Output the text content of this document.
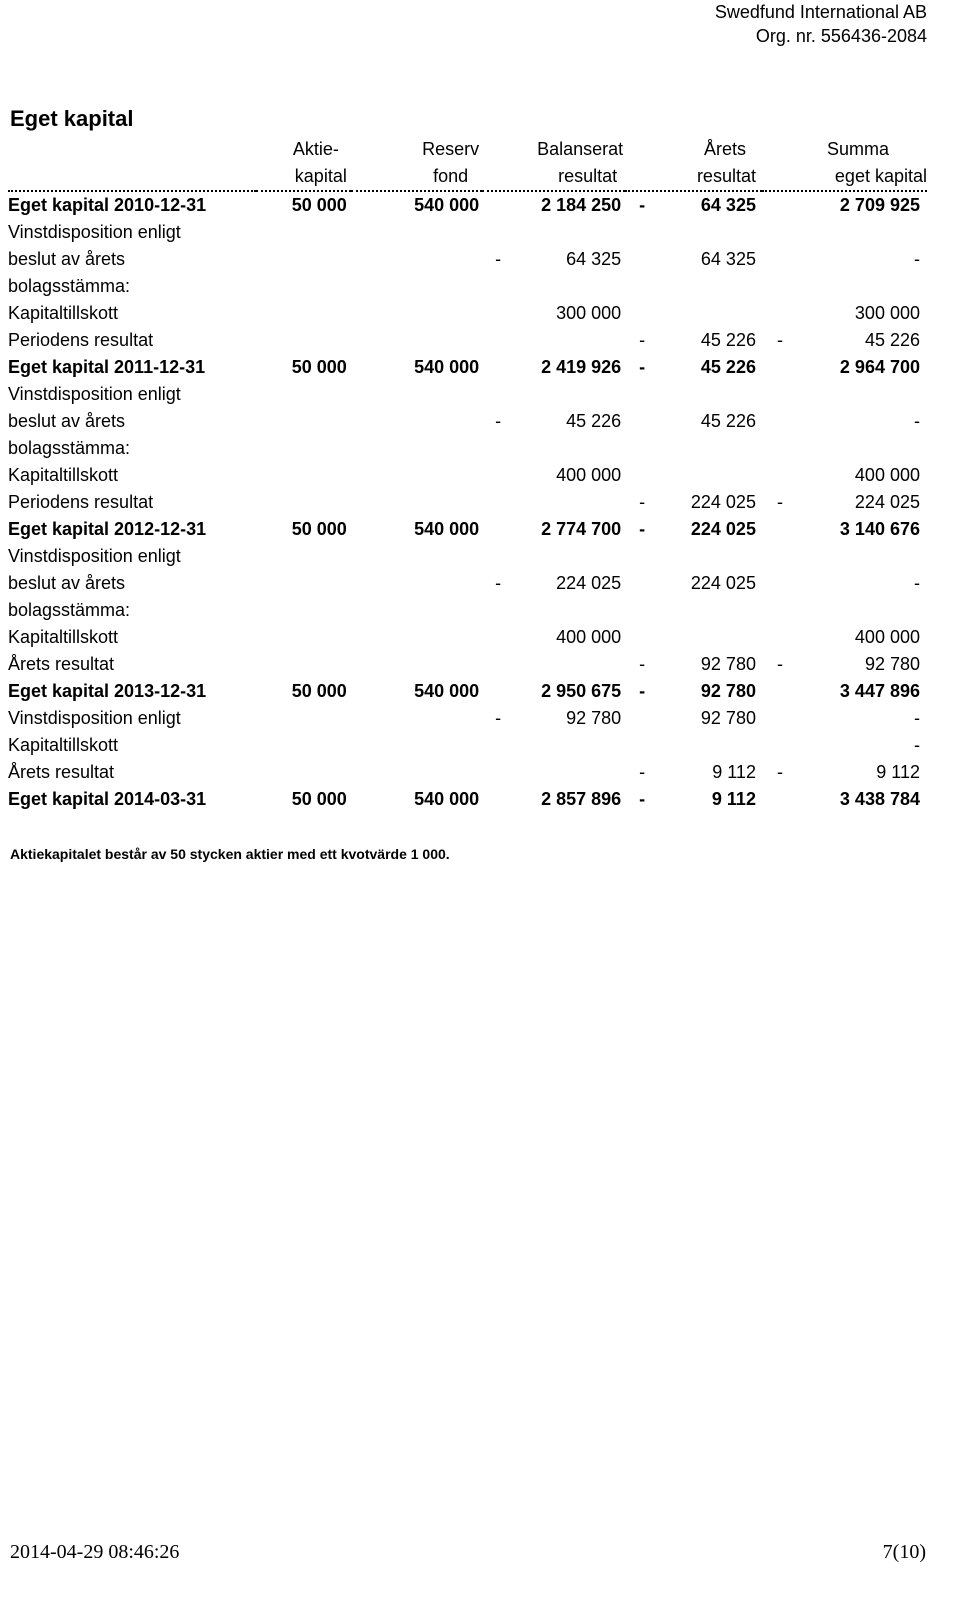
Swedfund International AB
Org. nr. 556436-2084
Eget kapital
	Aktie-	Reserv	Balanserat	Årets	Summa
	kapital	fond	resultat	resultat	eget kapital
Eget kapital 2010-12-31	50 000	540 000	2 184 250	- 64 325	2 709 925

Vinstdisposition enligt	

beslut av årets			- 64 325	64 325	-

bolagsstämma:	

Kapitaltillskott			300 000		300 000

Periodens resultat				- 45 226	- 45 226

Eget kapital 2011-12-31	50 000	540 000	2 419 926	- 45 226	2 964 700

Vinstdisposition enligt	

beslut av årets			- 45 226	45 226	-

bolagsstämma:	

Kapitaltillskott			400 000		400 000

Periodens resultat				- 224 025	- 224 025

Eget kapital 2012-12-31	50 000	540 000	2 774 700	- 224 025	3 140 676

Vinstdisposition enligt	

beslut av årets			- 224 025	224 025	-

bolagsstämma:	

Kapitaltillskott			400 000		400 000

Årets resultat				- 92 780	- 92 780

Eget kapital 2013-12-31	50 000	540 000	2 950 675	- 92 780	3 447 896

Vinstdisposition enligt			- 92 780	92 780	-

Kapitaltillskott					-

Årets resultat				- 9 112	- 9 112

Eget kapital 2014-03-31	50 000	540 000	2 857 896	- 9 112	3 438 784
Aktiekapitalet består av 50 stycken aktier med ett kvotvärde 1 000.
2014-04-29 08:46:26	7(10)
